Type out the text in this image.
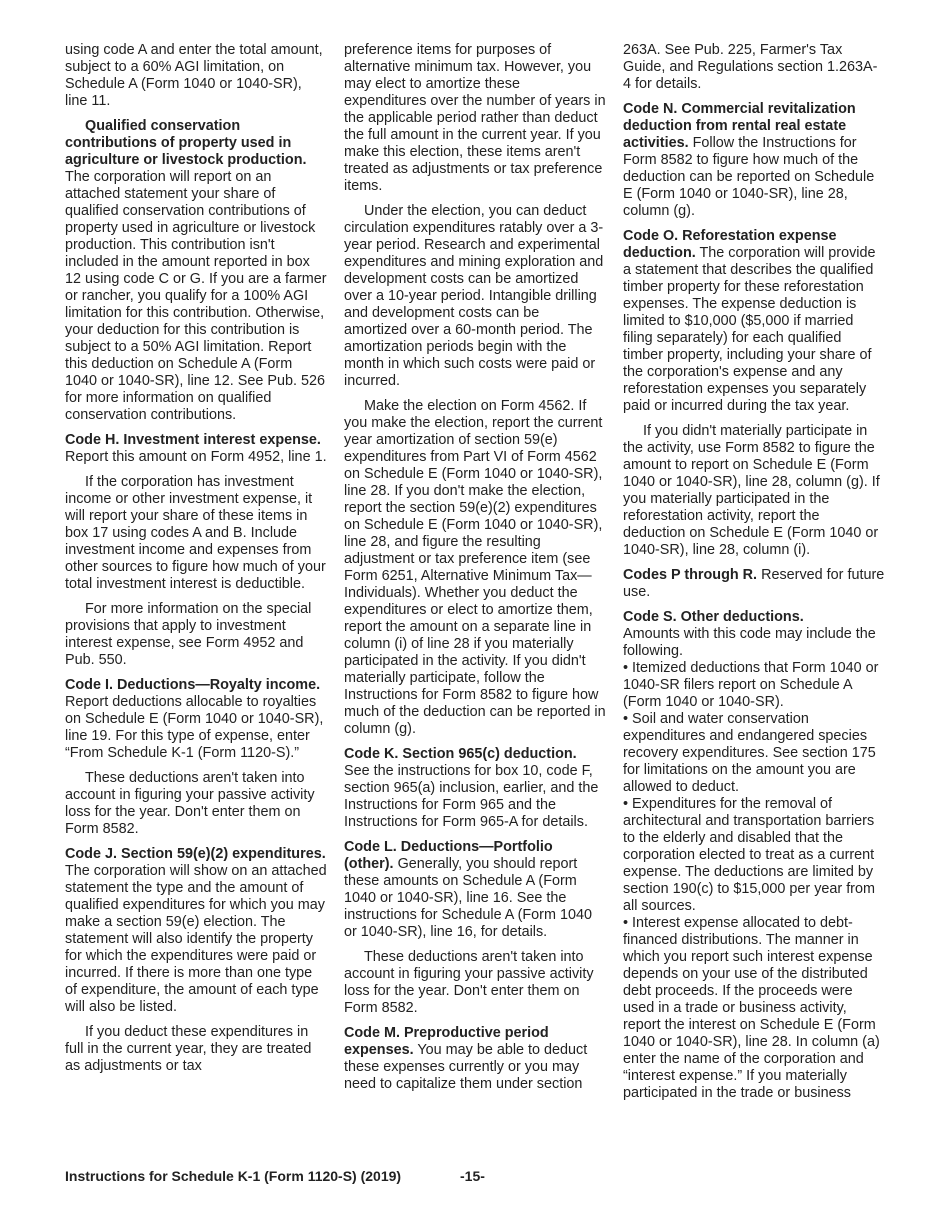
using code A and enter the total amount, subject to a 60% AGI limitation, on Schedule A (Form 1040 or 1040-SR), line 11.

Qualified conservation contributions of property used in agriculture or livestock production. The corporation will report on an attached statement your share of qualified conservation contributions of property used in agriculture or livestock production. This contribution isn't included in the amount reported in box 12 using code C or G. If you are a farmer or rancher, you qualify for a 100% AGI limitation for this contribution. Otherwise, your deduction for this contribution is subject to a 50% AGI limitation. Report this deduction on Schedule A (Form 1040 or 1040-SR), line 12. See Pub. 526 for more information on qualified conservation contributions.

Code H. Investment interest expense. Report this amount on Form 4952, line 1.

If the corporation has investment income or other investment expense, it will report your share of these items in box 17 using codes A and B. Include investment income and expenses from other sources to figure how much of your total investment interest is deductible.

For more information on the special provisions that apply to investment interest expense, see Form 4952 and Pub. 550.

Code I. Deductions—Royalty income. Report deductions allocable to royalties on Schedule E (Form 1040 or 1040-SR), line 19. For this type of expense, enter “From Schedule K-1 (Form 1120-S).”

These deductions aren't taken into account in figuring your passive activity loss for the year. Don't enter them on Form 8582.

Code J. Section 59(e)(2) expenditures. The corporation will show on an attached statement the type and the amount of qualified expenditures for which you may make a section 59(e) election. The statement will also identify the property for which the expenditures were paid or incurred. If there is more than one type of expenditure, the amount of each type will also be listed.

If you deduct these expenditures in full in the current year, they are treated as adjustments or tax

preference items for purposes of alternative minimum tax. However, you may elect to amortize these expenditures over the number of years in the applicable period rather than deduct the full amount in the current year. If you make this election, these items aren't treated as adjustments or tax preference items.

Under the election, you can deduct circulation expenditures ratably over a 3-year period. Research and experimental expenditures and mining exploration and development costs can be amortized over a 10-year period. Intangible drilling and development costs can be amortized over a 60-month period. The amortization periods begin with the month in which such costs were paid or incurred.

Make the election on Form 4562. If you make the election, report the current year amortization of section 59(e) expenditures from Part VI of Form 4562 on Schedule E (Form 1040 or 1040-SR), line 28. If you don't make the election, report the section 59(e)(2) expenditures on Schedule E (Form 1040 or 1040-SR), line 28, and figure the resulting adjustment or tax preference item (see Form 6251, Alternative Minimum Tax—Individuals). Whether you deduct the expenditures or elect to amortize them, report the amount on a separate line in column (i) of line 28 if you materially participated in the activity. If you didn't materially participate, follow the Instructions for Form 8582 to figure how much of the deduction can be reported in column (g).

Code K. Section 965(c) deduction. See the instructions for box 10, code F, section 965(a) inclusion, earlier, and the Instructions for Form 965 and the Instructions for Form 965-A for details.

Code L. Deductions—Portfolio (other). Generally, you should report these amounts on Schedule A (Form 1040 or 1040-SR), line 16. See the instructions for Schedule A (Form 1040 or 1040-SR), line 16, for details.

These deductions aren't taken into account in figuring your passive activity loss for the year. Don't enter them on Form 8582.

Code M. Preproductive period expenses. You may be able to deduct these expenses currently or you may need to capitalize them under section

263A. See Pub. 225, Farmer's Tax Guide, and Regulations section 1.263A-4 for details.

Code N. Commercial revitalization deduction from rental real estate activities. Follow the Instructions for Form 8582 to figure how much of the deduction can be reported on Schedule E (Form 1040 or 1040-SR), line 28, column (g).

Code O. Reforestation expense deduction. The corporation will provide a statement that describes the qualified timber property for these reforestation expenses. The expense deduction is limited to $10,000 ($5,000 if married filing separately) for each qualified timber property, including your share of the corporation's expense and any reforestation expenses you separately paid or incurred during the tax year.

If you didn't materially participate in the activity, use Form 8582 to figure the amount to report on Schedule E (Form 1040 or 1040-SR), line 28, column (g). If you materially participated in the reforestation activity, report the deduction on Schedule E (Form 1040 or 1040-SR), line 28, column (i).

Codes P through R. Reserved for future use.

Code S. Other deductions.

Amounts with this code may include the following.

• Itemized deductions that Form 1040 or 1040-SR filers report on Schedule A (Form 1040 or 1040-SR).

• Soil and water conservation expenditures and endangered species recovery expenditures. See section 175 for limitations on the amount you are allowed to deduct.

• Expenditures for the removal of architectural and transportation barriers to the elderly and disabled that the corporation elected to treat as a current expense. The deductions are limited by section 190(c) to $15,000 per year from all sources.

• Interest expense allocated to debt-financed distributions. The manner in which you report such interest expense depends on your use of the distributed debt proceeds. If the proceeds were used in a trade or business activity, report the interest on Schedule E (Form 1040 or 1040-SR), line 28. In column (a) enter the name of the corporation and “interest expense.” If you materially participated in the trade or business

Instructions for Schedule K-1 (Form 1120-S) (2019)	-15-
